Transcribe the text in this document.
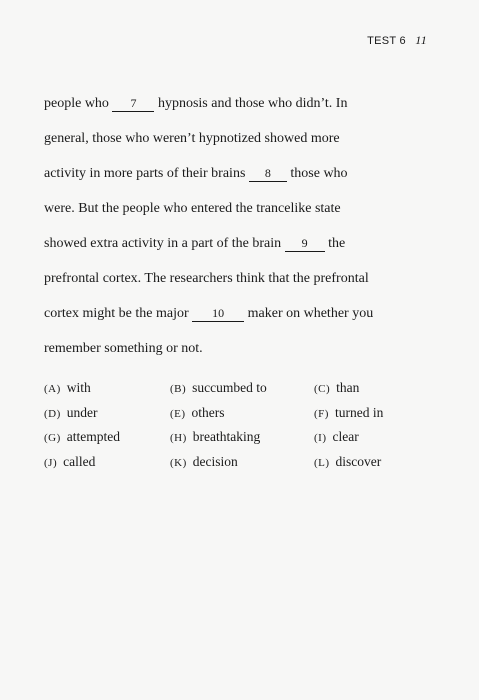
TEST 6 11
people who 7 hypnosis and those who didn’t. In
general, those who weren’t hypnotized showed more
activity in more parts of their brains 8 those who
were. But the people who entered the trancelike state
showed extra activity in a part of the brain 9 the
prefrontal cortex. The researchers think that the prefrontal
cortex might be the major 10 maker on whether you
remember something or not.
(A) with	(B) succumbed to	(C) than
(D) under	(E) others	(F) turned in
(G) attempted	(H) breathtaking	(I) clear
(J) called	(K) decision	(L) discover
